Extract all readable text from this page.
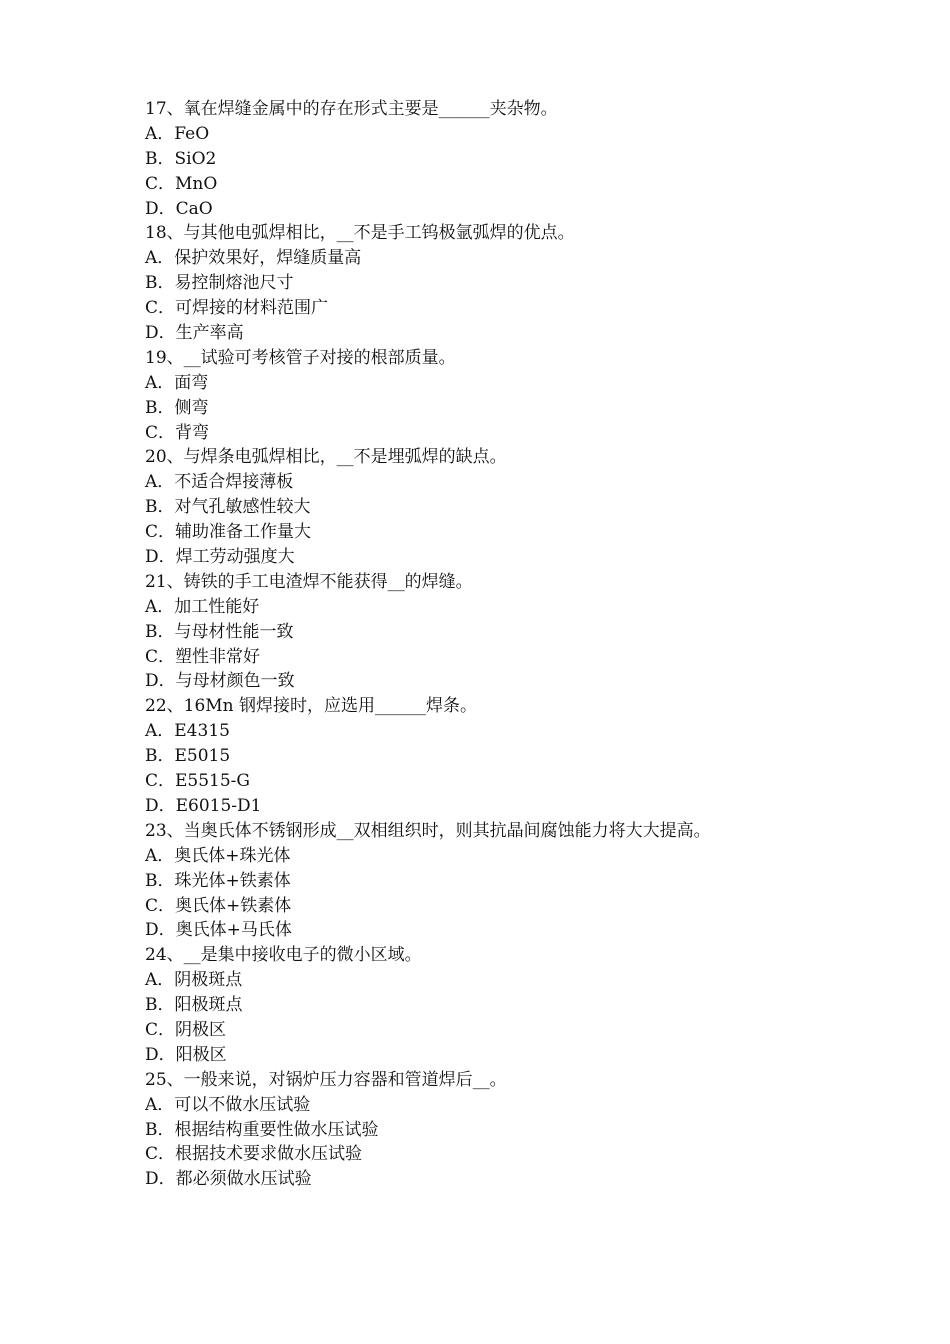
17、氧在焊缝金属中的存在形式主要是______夹杂物。
A．FeO
B．SiO2
C．MnO
D．CaO
18、与其他电弧焊相比，__不是手工钨极氩弧焊的优点。
A．保护效果好，焊缝质量高
B．易控制熔池尺寸
C．可焊接的材料范围广
D．生产率高
19、__试验可考核管子对接的根部质量。
A．面弯
B．侧弯
C．背弯
20、与焊条电弧焊相比，__不是埋弧焊的缺点。
A．不适合焊接薄板
B．对气孔敏感性较大
C．辅助准备工作量大
D．焊工劳动强度大
21、铸铁的手工电渣焊不能获得__的焊缝。
A．加工性能好
B．与母材性能一致
C．塑性非常好
D．与母材颜色一致
22、16Mn 钢焊接时，应选用______焊条。
A．E4315
B．E5015
C．E5515-G
D．E6015-D1
23、当奥氏体不锈钢形成__双相组织时，则其抗晶间腐蚀能力将大大提高。
A．奥氏体+珠光体
B．珠光体+铁素体
C．奥氏体+铁素体
D．奥氏体+马氏体
24、__是集中接收电子的微小区域。
A．阴极斑点
B．阳极斑点
C．阴极区
D．阳极区
25、一般来说，对锅炉压力容器和管道焊后__。
A．可以不做水压试验
B．根据结构重要性做水压试验
C．根据技术要求做水压试验
D．都必须做水压试验
